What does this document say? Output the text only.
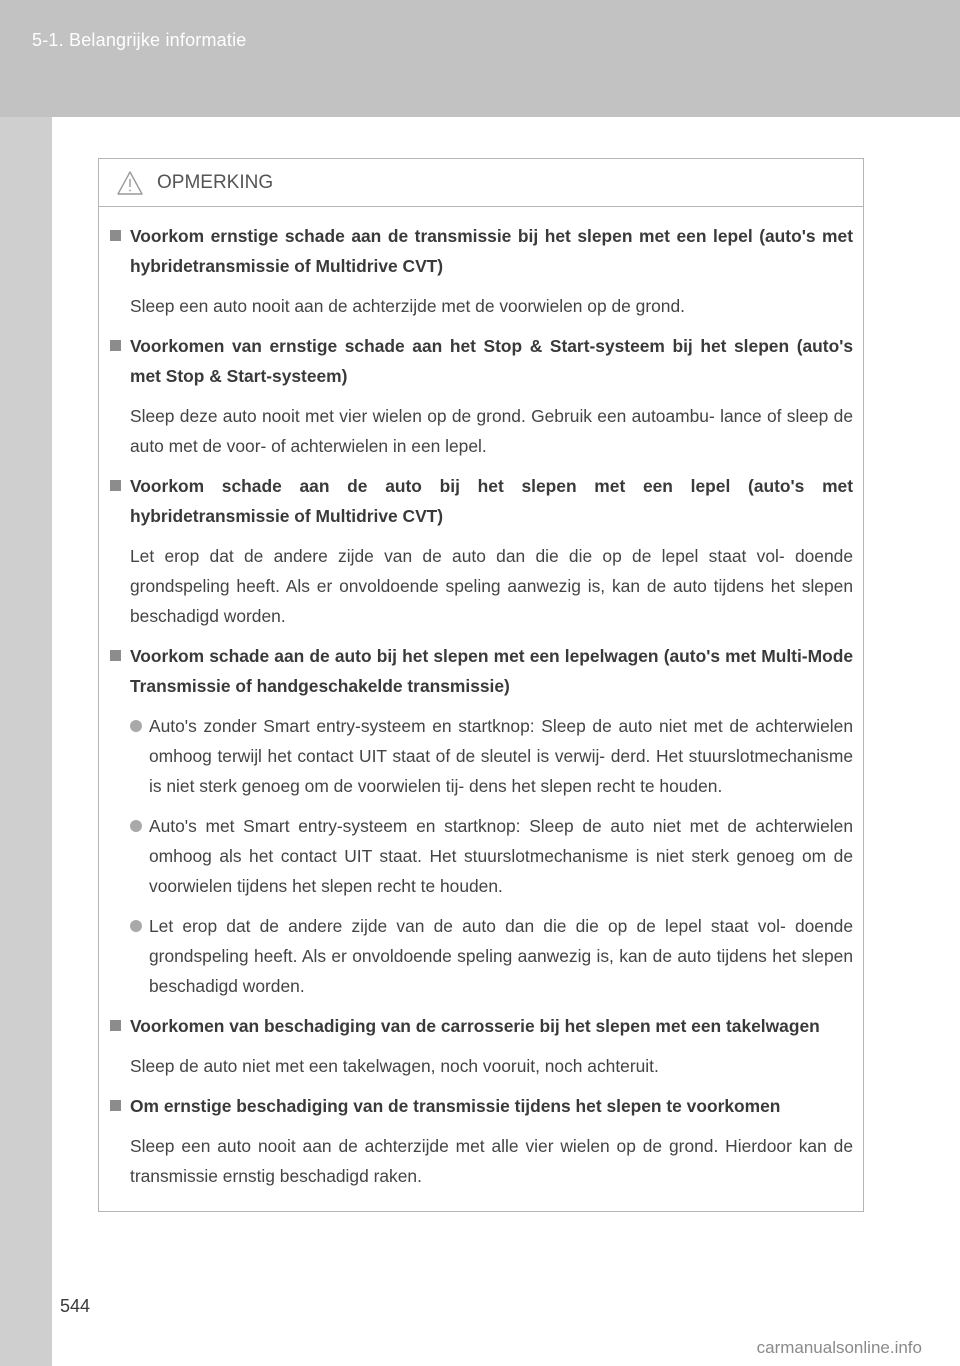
5-1. Belangrijke informatie
OPMERKING
Voorkom ernstige schade aan de transmissie bij het slepen met een lepel (auto's met hybridetransmissie of Multidrive CVT)
Sleep een auto nooit aan de achterzijde met de voorwielen op de grond.
Voorkomen van ernstige schade aan het Stop & Start-systeem bij het slepen (auto's met Stop & Start-systeem)
Sleep deze auto nooit met vier wielen op de grond. Gebruik een autoambu- lance of sleep de auto met de voor- of achterwielen in een lepel.
Voorkom schade aan de auto bij het slepen met een lepel (auto's met hybridetransmissie of Multidrive CVT)
Let erop dat de andere zijde van de auto dan die die op de lepel staat vol- doende grondspeling heeft. Als er onvoldoende speling aanwezig is, kan de auto tijdens het slepen beschadigd worden.
Voorkom schade aan de auto bij het slepen met een lepelwagen (auto's met Multi-Mode Transmissie of handgeschakelde transmissie)
Auto's zonder Smart entry-systeem en startknop: Sleep de auto niet met de achterwielen omhoog terwijl het contact UIT staat of de sleutel is verwij- derd. Het stuurslotmechanisme is niet sterk genoeg om de voorwielen tij- dens het slepen recht te houden.
Auto's met Smart entry-systeem en startknop: Sleep de auto niet met de achterwielen omhoog als het contact UIT staat. Het stuurslotmechanisme is niet sterk genoeg om de voorwielen tijdens het slepen recht te houden.
Let erop dat de andere zijde van de auto dan die die op de lepel staat vol- doende grondspeling heeft. Als er onvoldoende speling aanwezig is, kan de auto tijdens het slepen beschadigd worden.
Voorkomen van beschadiging van de carrosserie bij het slepen met een takelwagen
Sleep de auto niet met een takelwagen, noch vooruit, noch achteruit.
Om ernstige beschadiging van de transmissie tijdens het slepen te voorkomen
Sleep een auto nooit aan de achterzijde met alle vier wielen op de grond. Hierdoor kan de transmissie ernstig beschadigd raken.
544
carmanualsonline.info
